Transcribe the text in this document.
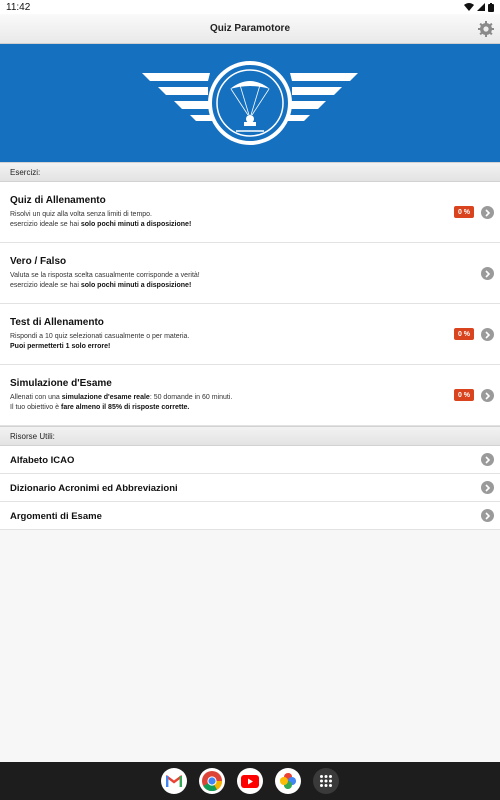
11:42
Quiz Paramotore
Esercizi:
Quiz di Allenamento
Risolvi un quiz alla volta senza limiti di tempo.
esercizio ideale se hai solo pochi minuti a disposizione!
0 %
Vero / Falso
Valuta se la risposta scelta casualmente corrisponde a verità!
esercizio ideale se hai solo pochi minuti a disposizione!
Test di Allenamento
Rispondi a 10 quiz selezionati casualmente o per materia.
Puoi permetterti 1 solo errore!
0 %
Simulazione d'Esame
Allenati con una simulazione d'esame reale: 50 domande in 60 minuti.
Il tuo obiettivo è fare almeno il 85% di risposte corrette.
0 %
Risorse Utili:
Alfabeto ICAO
Dizionario Acronimi ed Abbreviazioni
Argomenti di Esame
